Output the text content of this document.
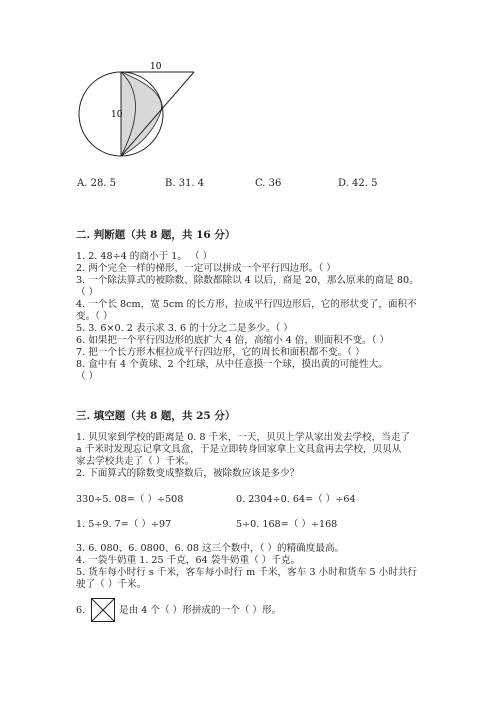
10
10
A. 28. 5	B. 31. 4	C. 36	D. 42. 5
二. 判断题（共 8 题，共 16 分）
1. 2. 48÷4 的商小于 1。 （ ）
2. 两个完全一样的梯形，一定可以拼成一个平行四边形。（ ）
3. 一个除法算式的被除数、除数都除以 4 以后，商是 20，那么原来的商是 80。
（ ）
4. 一个长 8cm，宽 5cm 的长方形，拉成平行四边形后，它的形状变了，面积不
变。（ ）
5. 3. 6×0. 2 表示求 3. 6 的十分之二是多少。（ ）
6. 如果把一个平行四边形的底扩大 4 倍，高缩小 4 倍，则面积不变。（ ）
7. 把一个长方形木框拉成平行四边形，它的周长和面积都不变。（ ）
8. 盒中有 4 个黄球、2 个红球，从中任意摸一个球，摸出黄的可能性大。
（ ）
三. 填空题（共 8 题，共 25 分）
1. 贝贝家到学校的距离是 0. 8 千米，一天，贝贝上学从家出发去学校，当走了
a 千米时发现忘记拿文具盒，于是立即转身回家拿上文具盒再去学校，贝贝从
家去学校共走了（ ）千米。
2. 下面算式的除数变成整数后，被除数应该是多少？
330÷5. 08=（ ）÷508	0. 2304÷0. 64=（ ）÷64
1. 5÷9. 7=（ ）÷97	5÷0. 168=（ ）÷168
3. 6. 080、6. 0800、6. 08 这三个数中，（ ）的精确度最高。
4. 一袋牛奶重 1. 25 千克，64 袋牛奶重（ ）千克。
5. 货车每小时行 s 千米，客车每小时行 m 千米，客车 3 小时和货车 5 小时共行
驶了（ ）千米。
6.	是由 4 个（ ）形拼成的一个（ ）形。
